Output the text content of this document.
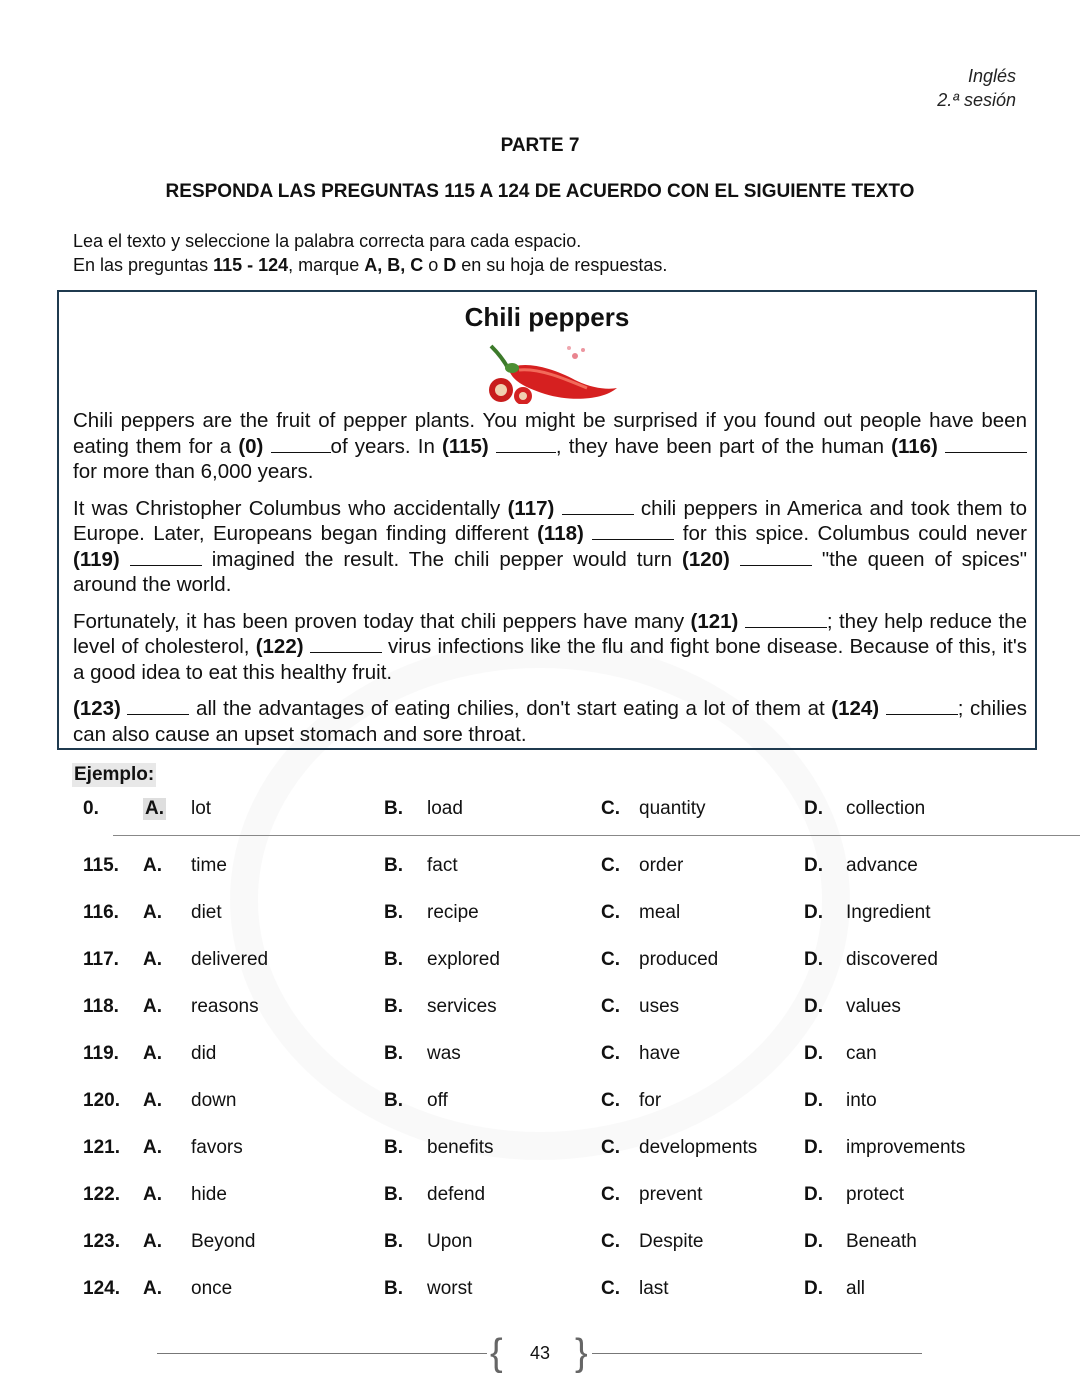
Inglés
2.ª sesión
PARTE 7
RESPONDA LAS PREGUNTAS 115 A 124 DE ACUERDO CON EL SIGUIENTE TEXTO
Lea el texto y seleccione la palabra correcta para cada espacio.
En las preguntas 115 - 124, marque A, B, C o D en su hoja de respuestas.
Chili peppers

Chili peppers are the fruit of pepper plants. You might be surprised if you found out people have been eating them for a (0)	of years. In (115)	, they have been part of the human (116)  for more than 6,000 years.

It was Christopher Columbus who accidentally (117)	chili peppers in America and took them to Europe. Later, Europeans began finding different (118)	for this spice. Columbus could never (119)	imagined the result. The chili pepper would turn (120)	"the queen of spices" around the world.

Fortunately, it has been proven today that chili peppers have many (121)	; they help reduce the level of cholesterol, (122)	virus infections like the flu and fight bone disease. Because of this, it's a good idea to eat this healthy fruit.

(123)	all the advantages of eating chilies, don't start eating a lot of them at (124)	; chilies can also cause an upset stomach and sore throat.

Ejemplo:
0. A. lot	B. load	C. quantity	D. collection
115. A. time	B. fact	C. order	D. advance
116. A. diet	B. recipe	C. meal	D. Ingredient
117. A. delivered	B. explored	C. produced	D. discovered
118. A. reasons	B. services	C. uses	D. values
119. A. did	B. was	C. have	D. can
120. A. down	B. off	C. for	D. into
121. A. favors	B. benefits	C. developments D. improvements
122. A. hide	B. defend	C. prevent	D. protect
123. A. Beyond	B. Upon	C. Despite	D. Beneath
124. A. once	B. worst	C. last	D. all
{ }
43
